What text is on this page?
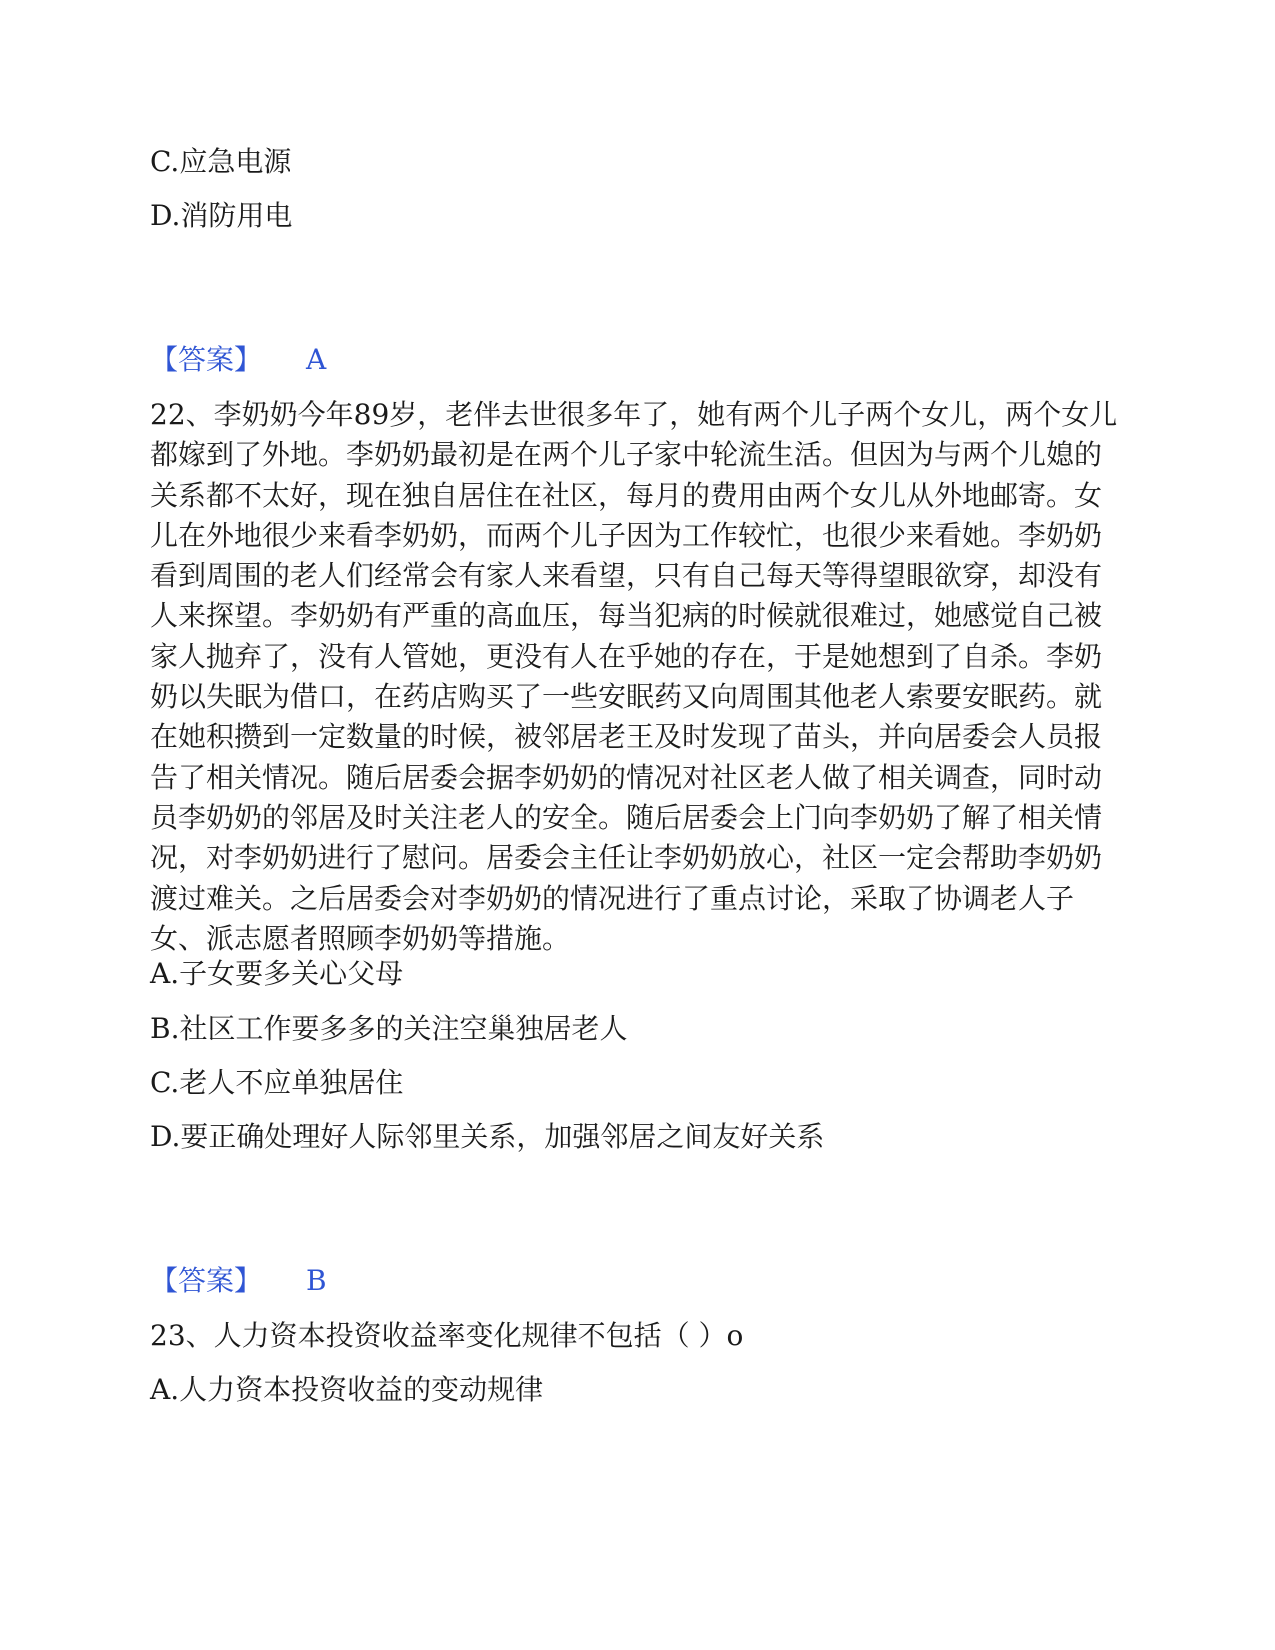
C.应急电源
D.消防用电
【答案】 A
22、李奶奶今年89岁，老伴去世很多年了，她有两个儿子两个女儿，两个女儿都嫁到了外地。李奶奶最初是在两个儿子家中轮流生活。但因为与两个儿媳的关系都不太好，现在独自居住在社区，每月的费用由两个女儿从外地邮寄。女儿在外地很少来看李奶奶，而两个儿子因为工作较忙，也很少来看她。李奶奶看到周围的老人们经常会有家人来看望，只有自己每天等得望眼欲穿，却没有人来探望。李奶奶有严重的高血压，每当犯病的时候就很难过，她感觉自己被家人抛弃了，没有人管她，更没有人在乎她的存在，于是她想到了自杀。李奶奶以失眠为借口，在药店购买了一些安眠药又向周围其他老人索要安眠药。就在她积攒到一定数量的时候，被邻居老王及时发现了苗头，并向居委会人员报告了相关情况。随后居委会据李奶奶的情况对社区老人做了相关调查，同时动员李奶奶的邻居及时关注老人的安全。随后居委会上门向李奶奶了解了相关情况，对李奶奶进行了慰问。居委会主任让李奶奶放心，社区一定会帮助李奶奶渡过难关。之后居委会对李奶奶的情况进行了重点讨论，采取了协调老人子女、派志愿者照顾李奶奶等措施。
A.子女要多关心父母
B.社区工作要多多的关注空巢独居老人
C.老人不应单独居住
D.要正确处理好人际邻里关系，加强邻居之间友好关系
【答案】 B
23、人力资本投资收益率变化规律不包括（ ）o
A.人力资本投资收益的变动规律
